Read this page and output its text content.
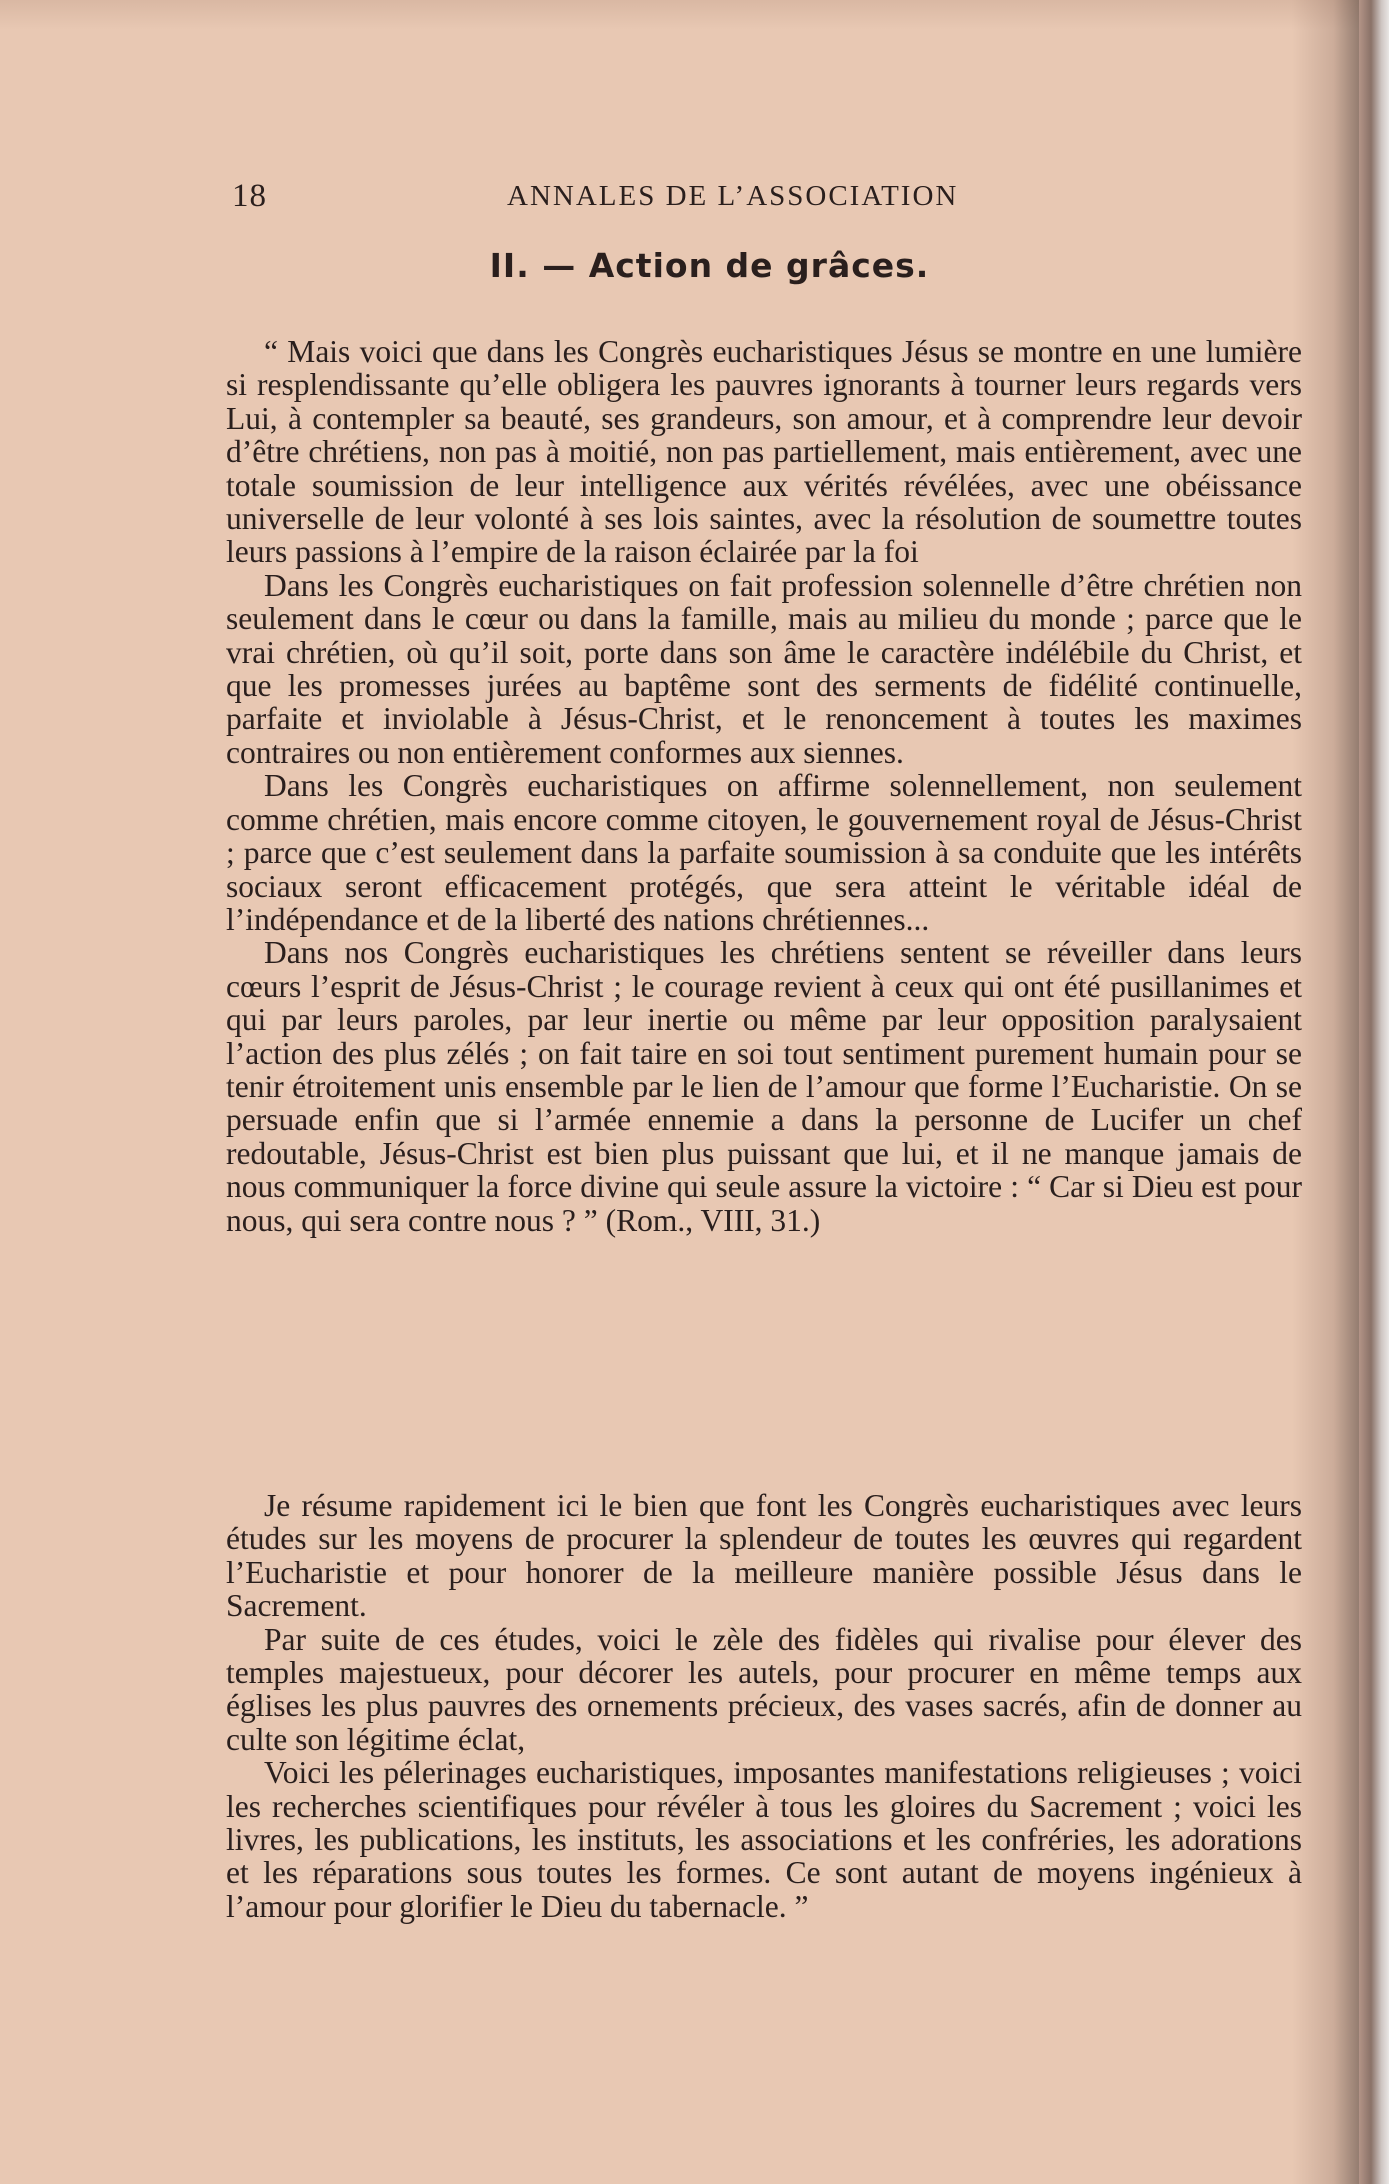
18	ANNALES DE L’ASSOCIATION
II. — Action de grâces.

“ Mais voici que dans les Congrès eucharistiques Jésus se montre en une lumière si resplendissante qu’elle obligera les pauvres ignorants à tourner leurs regards vers Lui, à contempler sa beauté, ses grandeurs, son amour, et à comprendre leur devoir d’être chrétiens, non pas à moitié, non pas partiellement, mais entièrement, avec une totale soumission de leur intelligence aux vérités révélées, avec une obéissance universelle de leur volonté à ses lois saintes, avec la résolution de soumettre toutes leurs passions à l’empire de la raison éclairée par la foi

Dans les Congrès eucharistiques on fait profession solennelle d’être chrétien non seulement dans le cœur ou dans la famille, mais au milieu du monde ; parce que le vrai chrétien, où qu’il soit, porte dans son âme le caractère indélébile du Christ, et que les promesses jurées au baptême sont des serments de fidélité continuelle, parfaite et inviolable à Jésus-Christ, et le renoncement à toutes les maximes contraires ou non entièrement conformes aux siennes.

Dans les Congrès eucharistiques on affirme solennellement, non seulement comme chrétien, mais encore comme citoyen, le gouvernement royal de Jésus-Christ ; parce que c’est seulement dans la parfaite soumission à sa conduite que les intérêts sociaux seront efficacement protégés, que sera atteint le véritable idéal de l’indépendance et de la liberté des nations chrétiennes...

Dans nos Congrès eucharistiques les chrétiens sentent se réveiller dans leurs cœurs l’esprit de Jésus-Christ ; le courage revient à ceux qui ont été pusillanimes et qui par leurs paroles, par leur inertie ou même par leur opposition paralysaient l’action des plus zélés ; on fait taire en soi tout sentiment purement humain pour se tenir étroitement unis ensemble par le lien de l’amour que forme l’Eucharistie. On se persuade enfin que si l’armée ennemie a dans la personne de Lucifer un chef redoutable, Jésus-Christ est bien plus puissant que lui, et il ne manque jamais de nous communiquer la force divine qui seule assure la victoire : “ Car si Dieu est pour nous, qui sera contre nous ? ” (Rom., VIII, 31.)

Je résume rapidement ici le bien que font les Congrès eucharistiques avec leurs études sur les moyens de procurer la splendeur de toutes les œuvres qui regardent l’Eucharistie et pour honorer de la meilleure manière possible Jésus dans le Sacrement.

Par suite de ces études, voici le zèle des fidèles qui rivalise pour élever des temples majestueux, pour décorer les autels, pour procurer en même temps aux églises les plus pauvres des ornements précieux, des vases sacrés, afin de donner au culte son légitime éclat,

Voici les pélerinages eucharistiques, imposantes manifestations religieuses ; voici les recherches scientifiques pour révéler à tous les gloires du Sacrement ; voici les livres, les publications, les instituts, les associations et les confréries, les adorations et les réparations sous toutes les formes. Ce sont autant de moyens ingénieux à l’amour pour glorifier le Dieu du tabernacle. ”
